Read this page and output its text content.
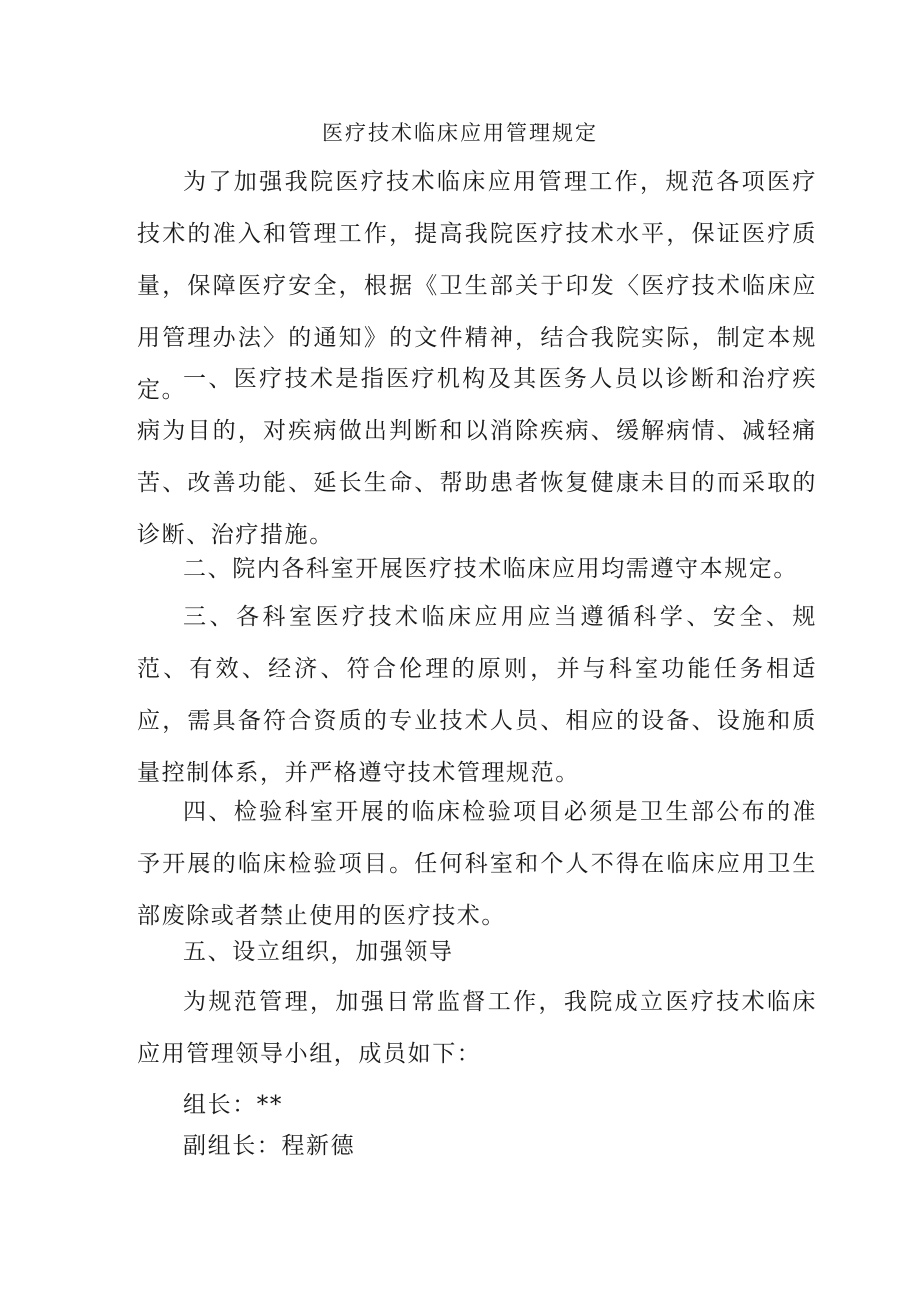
医疗技术临床应用管理规定
为了加强我院医疗技术临床应用管理工作，规范各项医疗技术的准入和管理工作，提高我院医疗技术水平，保证医疗质量，保障医疗安全，根据《卫生部关于印发〈医疗技术临床应用管理办法〉的通知》的文件精神，结合我院实际，制定本规定。
一、医疗技术是指医疗机构及其医务人员以诊断和治疗疾病为目的，对疾病做出判断和以消除疾病、缓解病情、减轻痛苦、改善功能、延长生命、帮助患者恢复健康未目的而采取的诊断、治疗措施。
二、院内各科室开展医疗技术临床应用均需遵守本规定。
三、各科室医疗技术临床应用应当遵循科学、安全、规范、有效、经济、符合伦理的原则，并与科室功能任务相适应，需具备符合资质的专业技术人员、相应的设备、设施和质量控制体系，并严格遵守技术管理规范。
四、检验科室开展的临床检验项目必须是卫生部公布的准予开展的临床检验项目。任何科室和个人不得在临床应用卫生部废除或者禁止使用的医疗技术。
五、设立组织，加强领导
为规范管理，加强日常监督工作，我院成立医疗技术临床应用管理领导小组，成员如下：
组长：**
副组长：程新德
